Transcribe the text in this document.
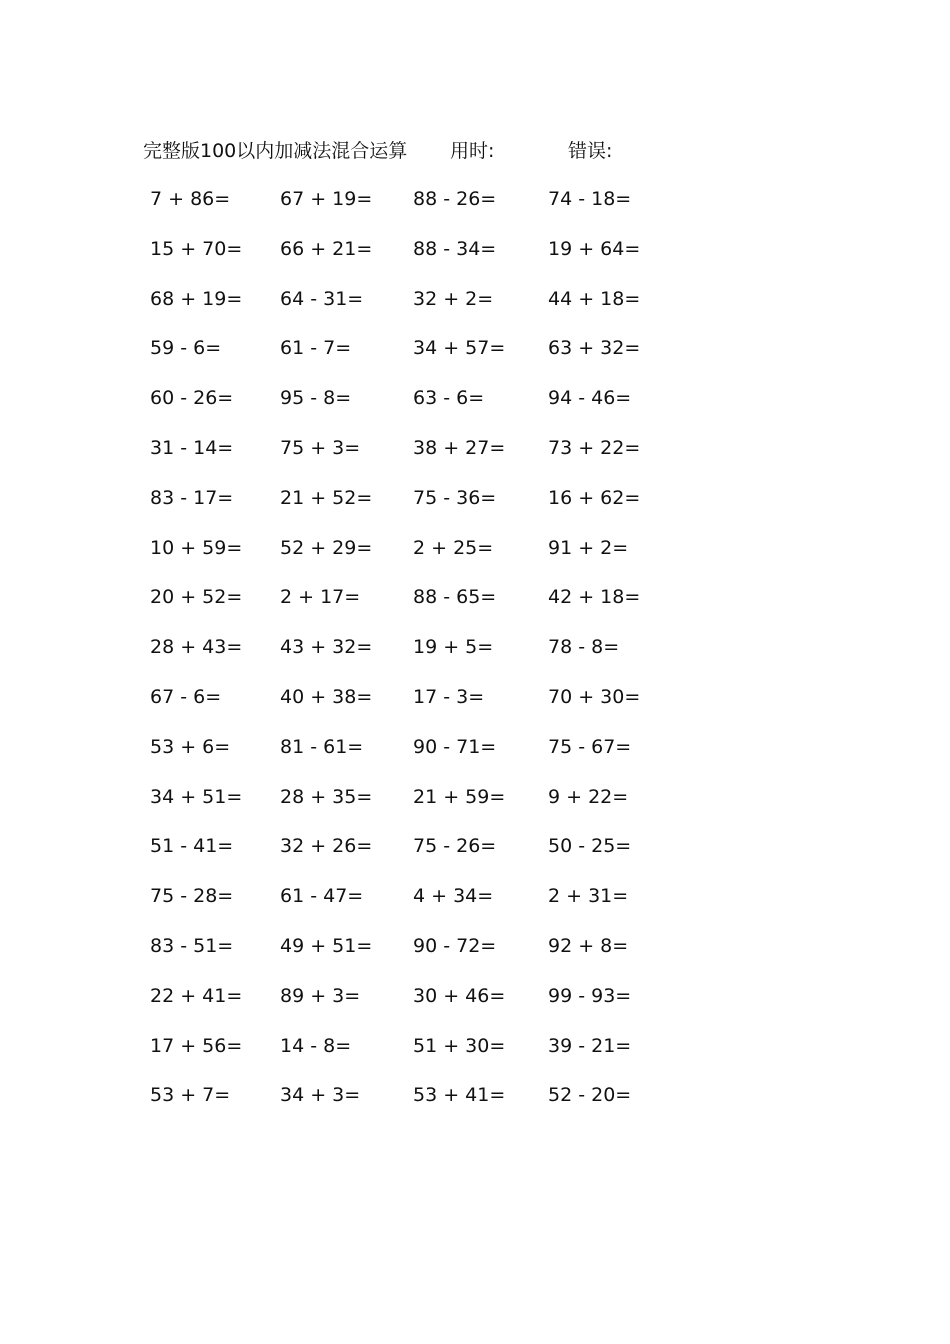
完整版100以内加减法混合运算 用时:	错误:
7 + 86=	67 + 19= 88 - 26=	74 - 18=
15 + 70= 66 + 21= 88 - 34=	19 + 64=
68 + 19= 64 - 31=	32 + 2=	44 + 18=
59 - 6=	61 - 7=	34 + 57= 63 + 32=
60 - 26= 95 - 8=	63 - 6=	94 - 46=
31 - 14= 75 + 3=	38 + 27= 73 + 22=
83 - 17= 21 + 52= 75 - 36=	16 + 62=
10 + 59= 52 + 29= 2 + 25=	91 + 2=
20 + 52= 2 + 17=	88 - 65=	42 + 18=
28 + 43= 43 + 32= 19 + 5=	78 - 8=
67 - 6=	40 + 38= 17 - 3=	70 + 30=
53 + 6=	81 - 61=	90 - 71=	75 - 67=
34 + 51= 28 + 35= 21 + 59= 9 + 22=
51 - 41= 32 + 26= 75 - 26=	50 - 25=
75 - 28= 61 - 47=	4 + 34=	2 + 31=
83 - 51= 49 + 51= 90 - 72=	92 + 8=
22 + 41= 89 + 3=	30 + 46= 99 - 93=
17 + 56= 14 - 8=	51 + 30= 39 - 21=
53 + 7=	34 + 3=	53 + 41= 52 - 20=
